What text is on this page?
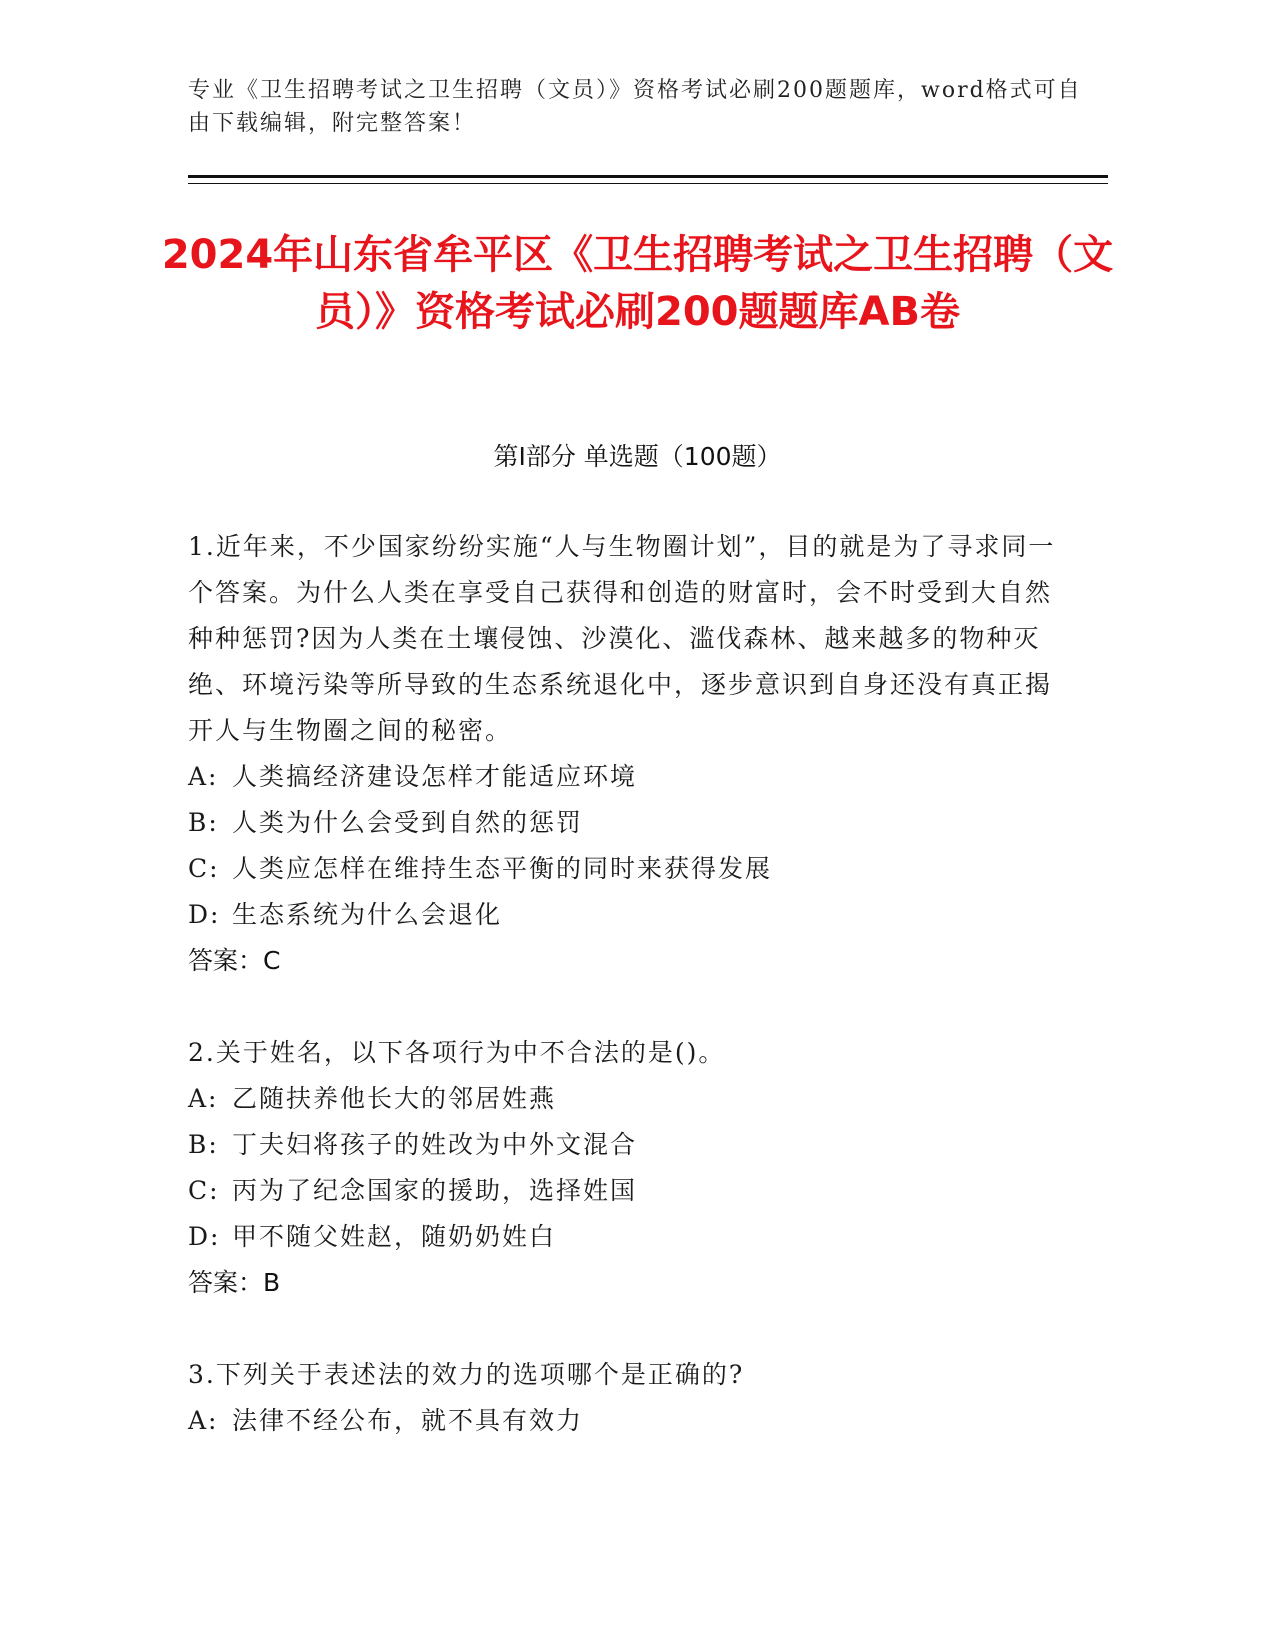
专业《卫生招聘考试之卫生招聘（文员）》资格考试必刷200题题库，word格式可自由下载编辑，附完整答案！
2024年山东省牟平区《卫生招聘考试之卫生招聘（文员）》资格考试必刷200题题库AB卷
第I部分 单选题（100题）
1.近年来，不少国家纷纷实施“人与生物圈计划”，目的就是为了寻求同一个答案。为什么人类在享受自己获得和创造的财富时，会不时受到大自然种种惩罚?因为人类在土壤侵蚀、沙漠化、滥伐森林、越来越多的物种灭绝、环境污染等所导致的生态系统退化中，逐步意识到自身还没有真正揭开人与生物圈之间的秘密。
A: 人类搞经济建设怎样才能适应环境
B: 人类为什么会受到自然的惩罚
C: 人类应怎样在维持生态平衡的同时来获得发展
D: 生态系统为什么会退化
答案：C
2.关于姓名，以下各项行为中不合法的是()。
A: 乙随扶养他长大的邻居姓燕
B: 丁夫妇将孩子的姓改为中外文混合
C: 丙为了纪念国家的援助，选择姓国
D: 甲不随父姓赵，随奶奶姓白
答案：B
3.下列关于表述法的效力的选项哪个是正确的?
A: 法律不经公布，就不具有效力
